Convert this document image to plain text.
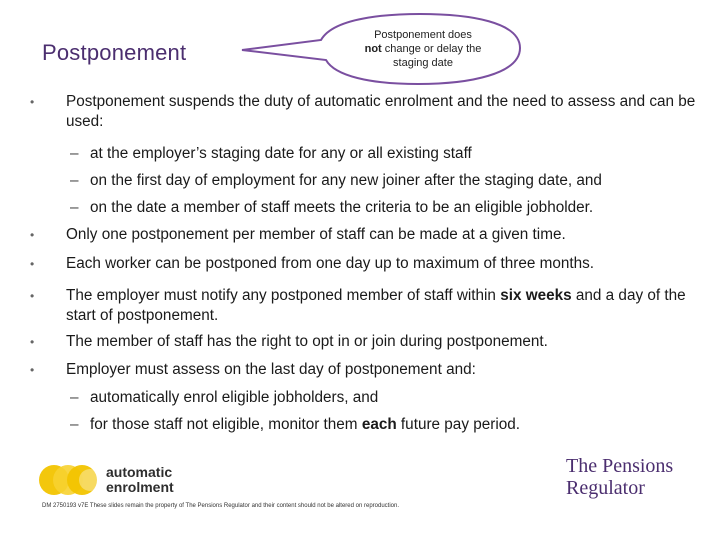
Postponement
Postponement does
not change or delay the
staging date
•	Postponement suspends the duty of automatic enrolment and the need to assess and can be used:
– at the employer’s staging date for any or all existing staff
– on the first day of employment for any new joiner after the staging date, and
– on the date a member of staff meets the criteria to be an eligible jobholder.
•	Only one postponement per member of staff can be made at a given time.
•	Each worker can be postponed from one day up to maximum of three months.
•	The employer must notify any postponed member of staff within six weeks and a day of the start of postponement.
•	The member of staff has the right to opt in or join during postponement.
•	Employer must assess on the last day of postponement and:
– automatically enrol eligible jobholders, and
– for those staff not eligible, monitor them each future pay period.
automatic
enrolment
The Pensions
Regulator
DM 2750193 v7E These slides remain the property of The Pensions Regulator and their content should not be altered on reproduction.
